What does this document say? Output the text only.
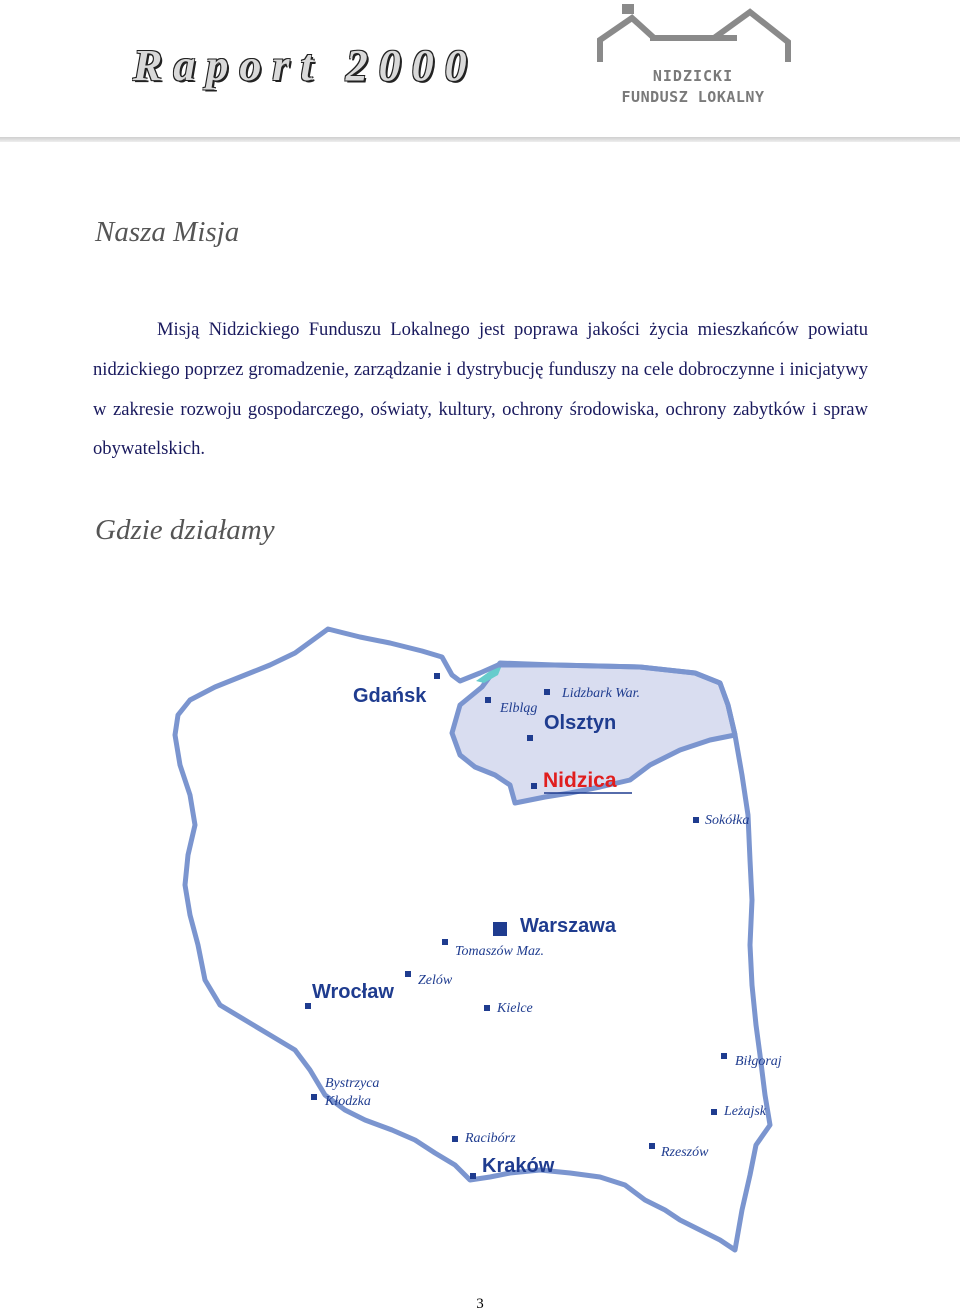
Raport 2000	NIDZICKI
FUNDUSZ LOKALNY
Nasza Misja

Misją Nidzickiego Funduszu Lokalnego jest poprawa jakości życia mieszkańców powiatu nidzickiego poprzez gromadzenie, zarządzanie i dystrybucję funduszy na cele dobroczynne i inicjatywy w zakresie rozwoju gospodarczego, oświaty, kultury, ochrony środowiska, ochrony zabytków i spraw obywatelskich.

Gdzie działamy
Gdańsk
Olsztyn
Nidzica
Warszawa
Wrocław
Kraków
Lidzbark War.
Elbląg
Sokółka
Tomaszów Maz.
Zelów
Kielce
Biłgoraj
Leżajsk
Bystrzyca
Kłodzka
Racibórz
Rzeszów
3
